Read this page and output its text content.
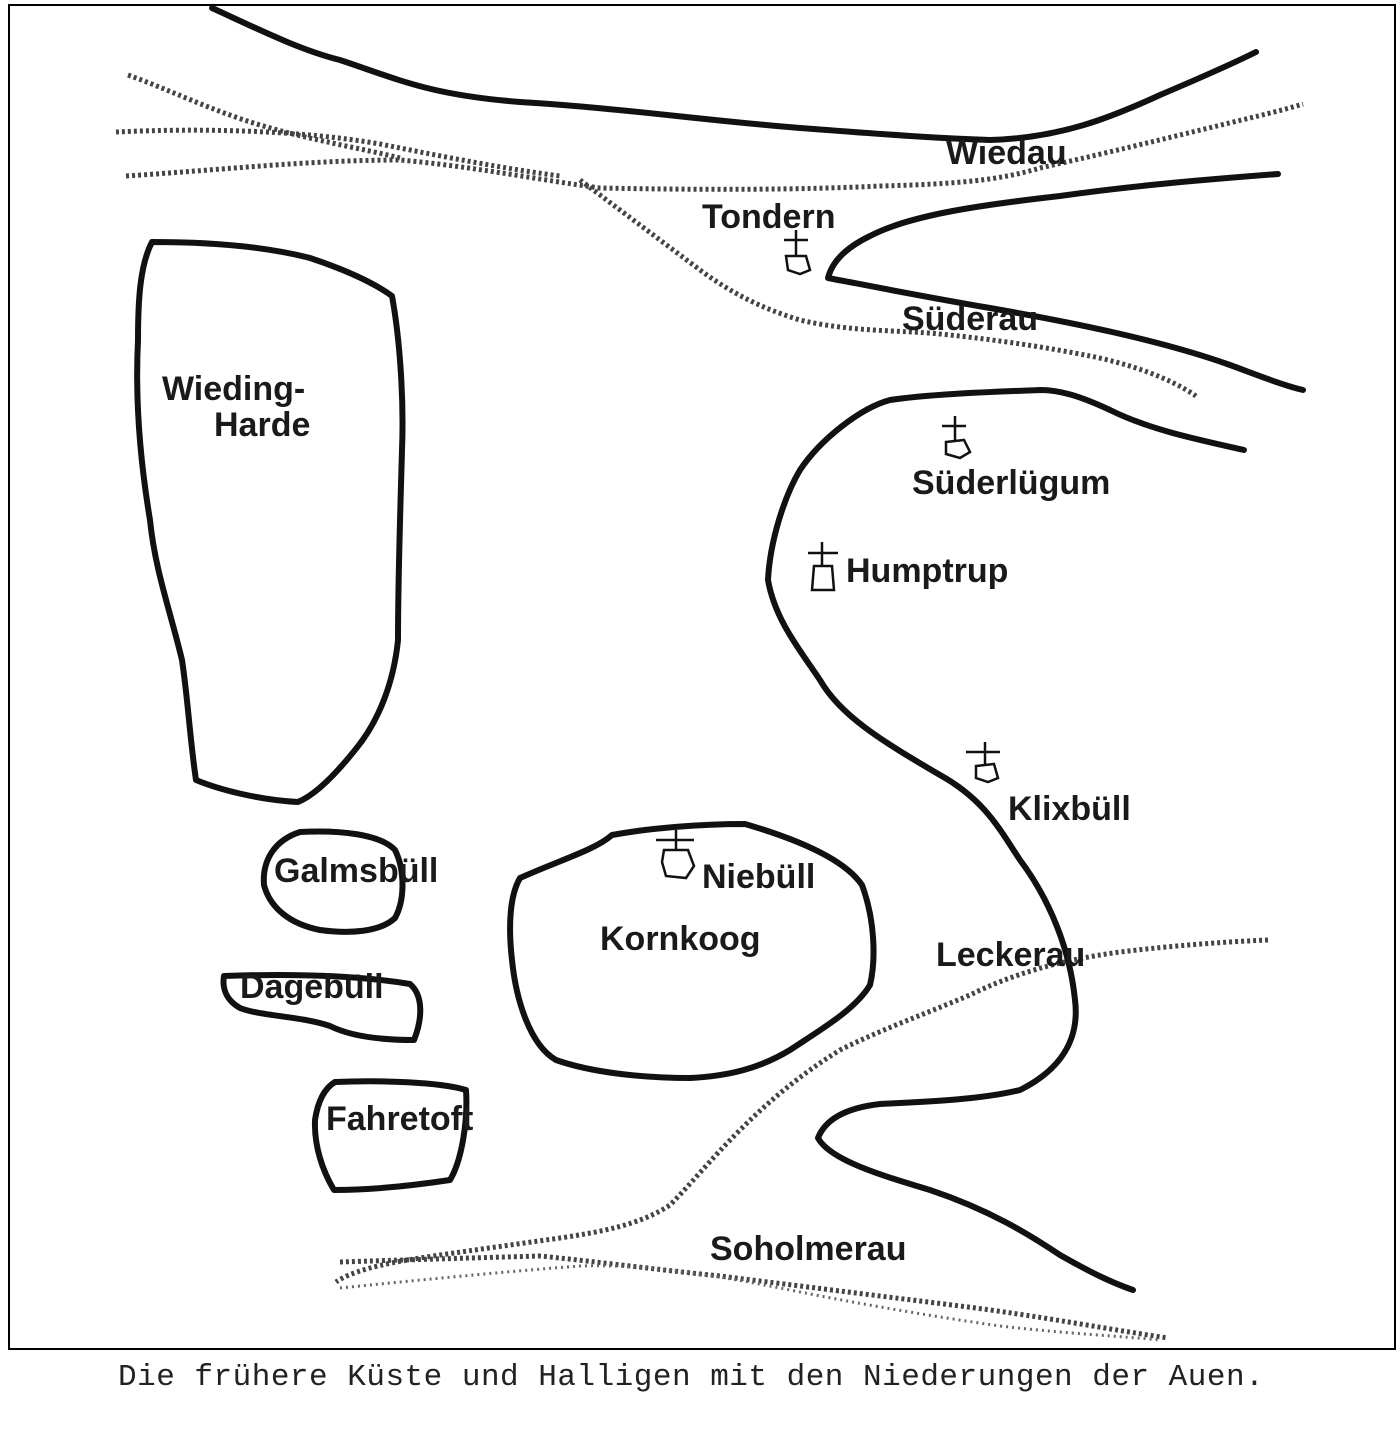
Wiedau
Tondern
Süderau
Wieding-
Harde
Süderlügum
Humptrup
Klixbüll
Galmsbüll	Niebüll
Kornkoog	Leckerau
Dagebüll
Fahretoft
Soholmerau
Die frühere Küste und Halligen mit den Niederungen der Auen.
